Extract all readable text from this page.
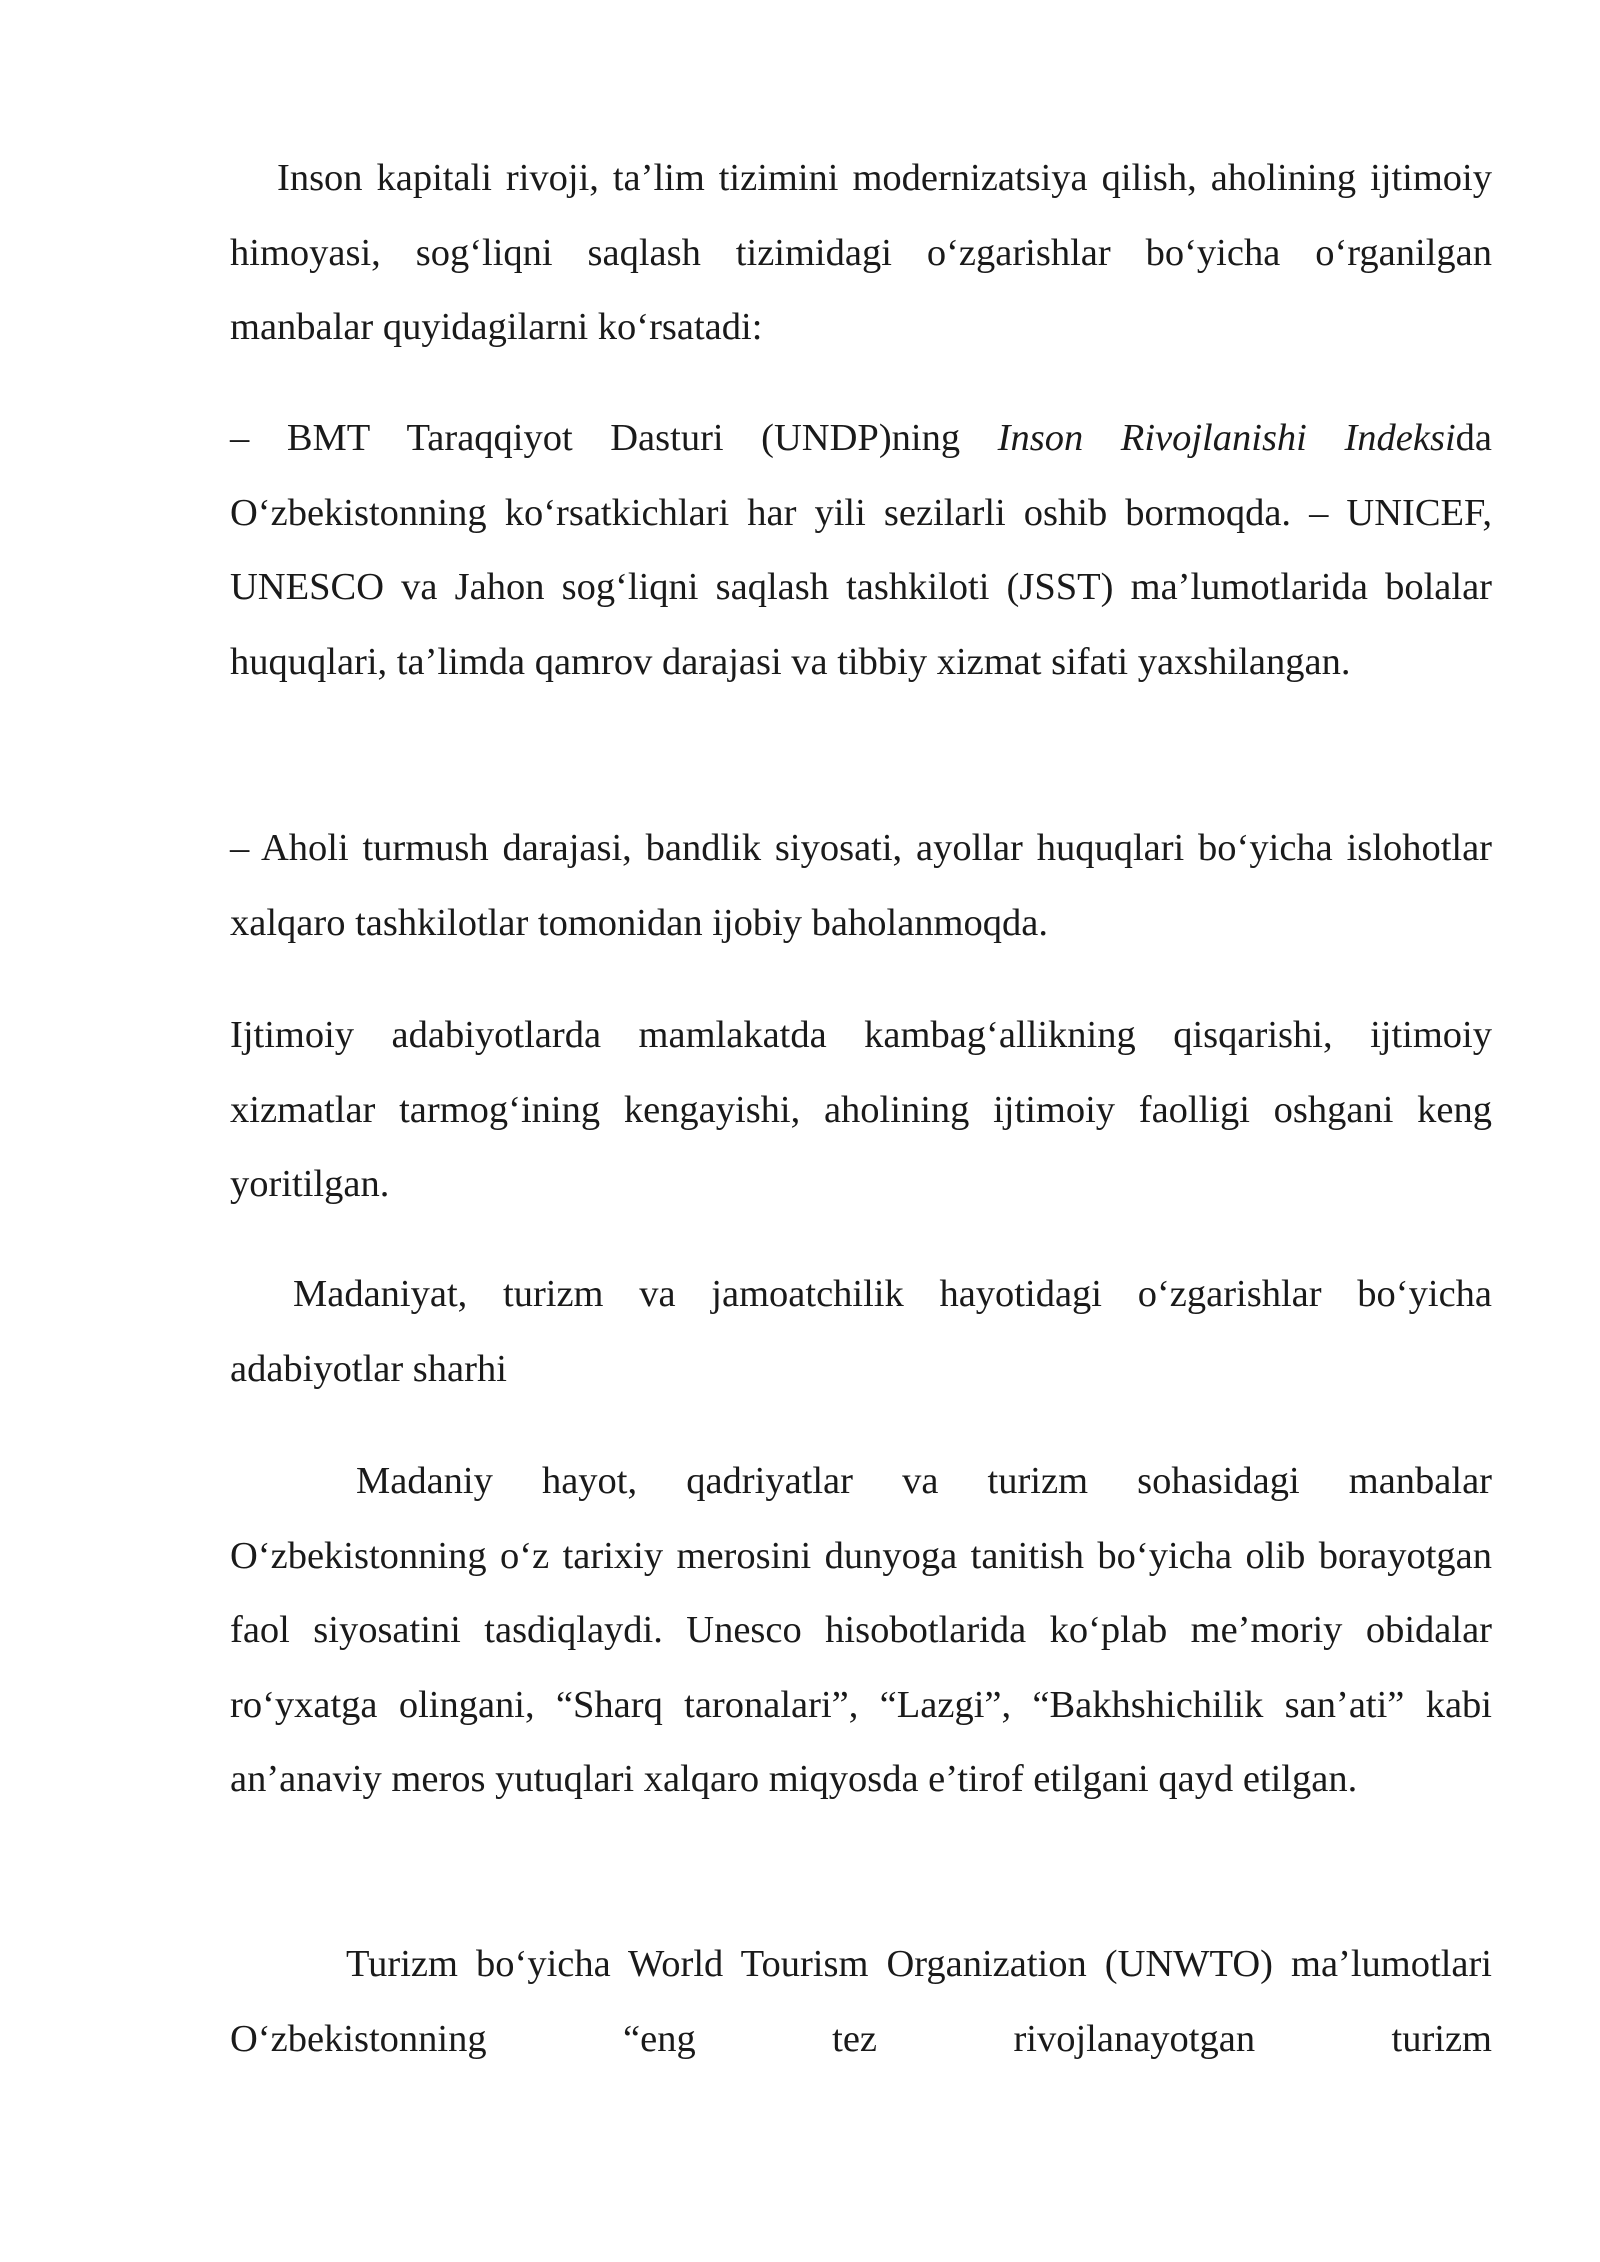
Inson kapitali rivoji, ta’lim tizimini modernizatsiya qilish, aholining ijtimoiy himoyasi, sog‘liqni saqlash tizimidagi o‘zgarishlar bo‘yicha o‘rganilgan manbalar quyidagilarni ko‘rsatadi:

– BMT Taraqqiyot Dasturi (UNDP)ning Inson Rivojlanishi Indeksida O‘zbekistonning ko‘rsatkichlari har yili sezilarli oshib bormoqda. – UNICEF, UNESCO va Jahon sog‘liqni saqlash tashkiloti (JSST) ma’lumotlarida bolalar huquqlari, ta’limda qamrov darajasi va tibbiy xizmat sifati yaxshilangan.

– Aholi turmush darajasi, bandlik siyosati, ayollar huquqlari bo‘yicha islohotlar xalqaro tashkilotlar tomonidan ijobiy baholanmoqda.

Ijtimoiy adabiyotlarda mamlakatda kambag‘allikning qisqarishi, ijtimoiy xizmatlar tarmog‘ining kengayishi, aholining ijtimoiy faolligi oshgani keng yoritilgan.

Madaniyat, turizm va jamoatchilik hayotidagi o‘zgarishlar bo‘yicha adabiyotlar sharhi

Madaniy hayot, qadriyatlar va turizm sohasidagi manbalar O‘zbekistonning o‘z tarixiy merosini dunyoga tanitish bo‘yicha olib borayotgan faol siyosatini tasdiqlaydi. Unesco hisobotlarida ko‘plab me’moriy obidalar ro‘yxatga olingani, “Sharq taronalari”, “Lazgi”, “Bakhshichilik san’ati” kabi an’anaviy meros yutuqlari xalqaro miqyosda e’tirof etilgani qayd etilgan.

Turizm bo‘yicha World Tourism Organization (UNWTO) ma’lumotlari O‘zbekistonning “eng tez rivojlanayotgan turizm
